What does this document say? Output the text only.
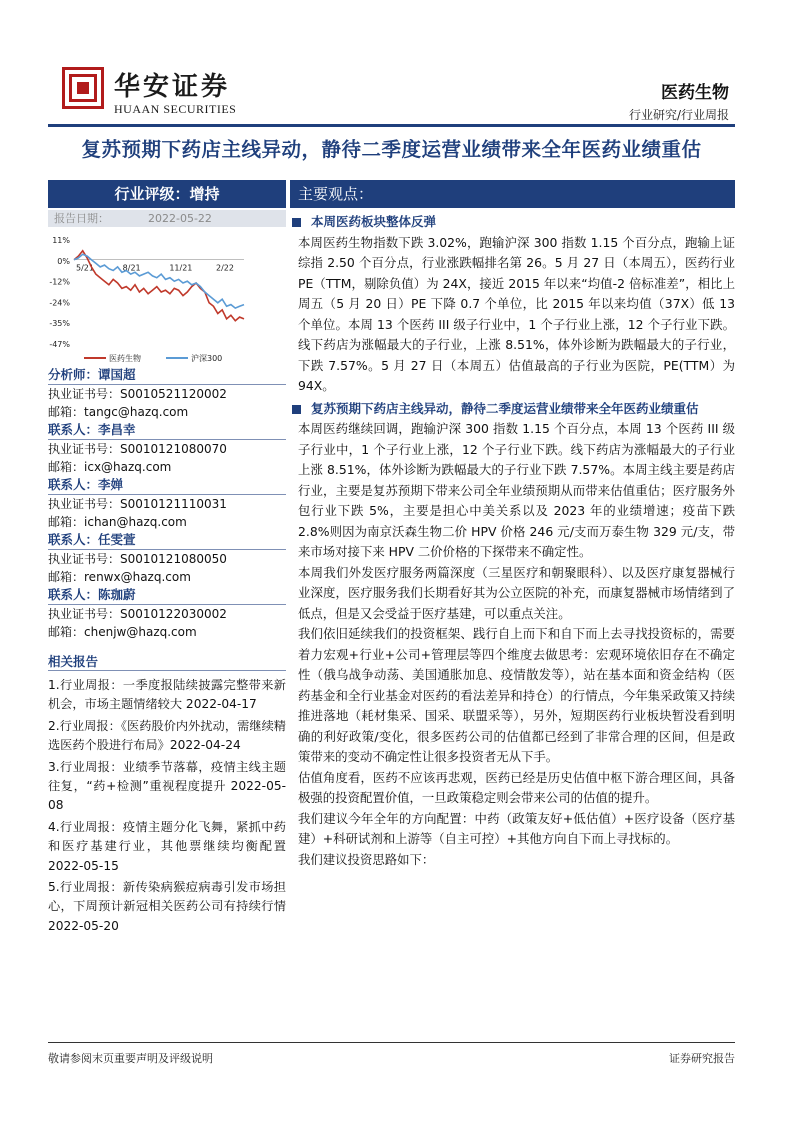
华安证券
HUAAN SECURITIES
医药生物
行业研究/行业周报
复苏预期下药店主线异动，静待二季度运营业绩带来全年医药业绩重估
行业评级：增持
报告日期：	2022-05-22
11%
0%
-12%
-24%
-35%
-47%
5/21	8/21	11/21	2/22
医药生物	沪深300
分析师：谭国超
执业证书号：S0010521120002
邮箱：tangc@hazq.com
联系人：李昌幸
执业证书号：S0010121080070
邮箱：icx@hazq.com
联系人：李婵
执业证书号：S0010121110031
邮箱：ichan@hazq.com
联系人：任雯萱
执业证书号：S0010121080050
邮箱：renwx@hazq.com
联系人：陈珈蔚
执业证书号：S0010122030002
邮箱：chenjw@hazq.com
相关报告
1.行业周报：一季度报陆续披露完整带来新机会，市场主题情绪较大 2022-04-17
2.行业周报：《医药股价内外扰动，需继续精选医药个股进行布局》2022-04-24
3.行业周报：业绩季节落幕，疫情主线主题往复，“药+检测”重视程度提升 2022-05-08
4.行业周报：疫情主题分化飞舞，紧抓中药和医疗基建行业，其他票继续均衡配置 2022-05-15
5.行业周报：新传染病猴痘病毒引发市场担心，下周预计新冠相关医药公司有持续行情 2022-05-20
主要观点：
本周医药板块整体反弹
本周医药生物指数下跌 3.02%，跑输沪深 300 指数 1.15 个百分点，跑输上证综指 2.50 个百分点，行业涨跌幅排名第 26。5 月 27 日（本周五），医药行业 PE（TTM，剔除负值）为 24X，接近 2015 年以来“均值-2 倍标准差”，相比上周五（5 月 20 日）PE 下降 0.7 个单位，比 2015 年以来均值（37X）低 13 个单位。本周 13 个医药 III 级子行业中，1 个子行业上涨，12 个子行业下跌。线下药店为涨幅最大的子行业，上涨 8.51%，体外诊断为跌幅最大的子行业，下跌 7.57%。5 月 27 日（本周五）估值最高的子行业为医院，PE(TTM）为 94X。
复苏预期下药店主线异动，静待二季度运营业绩带来全年医药业绩重估
本周医药继续回调，跑输沪深 300 指数 1.15 个百分点，本周 13 个医药 III 级子行业中，1 个子行业上涨，12 个子行业下跌。线下药店为涨幅最大的子行业上涨 8.51%，体外诊断为跌幅最大的子行业下跌 7.57%。本周主线主要是药店行业，主要是复苏预期下带来公司全年业绩预期从而带来估值重估；医疗服务外包行业下跌 5%，主要是担心中美关系以及 2023 年的业绩增速；疫苗下跌 2.8%则因为南京沃森生物二价 HPV 价格 246 元/支而万泰生物 329 元/支，带来市场对接下来 HPV 二价价格的下探带来不确定性。
本周我们外发医疗服务两篇深度（三星医疗和朝聚眼科）、以及医疗康复器械行业深度，医疗服务我们长期看好其为公立医院的补充，而康复器械市场情绪到了低点，但是又会受益于医疗基建，可以重点关注。
我们依旧延续我们的投资框架、践行自上而下和自下而上去寻找投资标的，需要着力宏观+行业+公司+管理层等四个维度去做思考：宏观环境依旧存在不确定性（俄乌战争动荡、美国通胀加息、疫情散发等），站在基本面和资金结构（医药基金和全行业基金对医药的看法差异和持仓）的行情点，今年集采政策又持续推进落地（耗材集采、国采、联盟采等），另外，短期医药行业板块暂没看到明确的利好政策/变化，很多医药公司的估值都已经到了非常合理的区间，但是政策带来的变动不确定性让很多投资者无从下手。
估值角度看，医药不应该再悲观，医药已经是历史估值中枢下游合理区间，具备极强的投资配置价值，一旦政策稳定则会带来公司的估值的提升。
我们建议今年全年的方向配置：中药（政策友好+低估值）+医疗设备（医疗基建）+科研试剂和上游等（自主可控）+其他方向自下而上寻找标的。
我们建议投资思路如下：
敬请参阅末页重要声明及评级说明	证券研究报告
